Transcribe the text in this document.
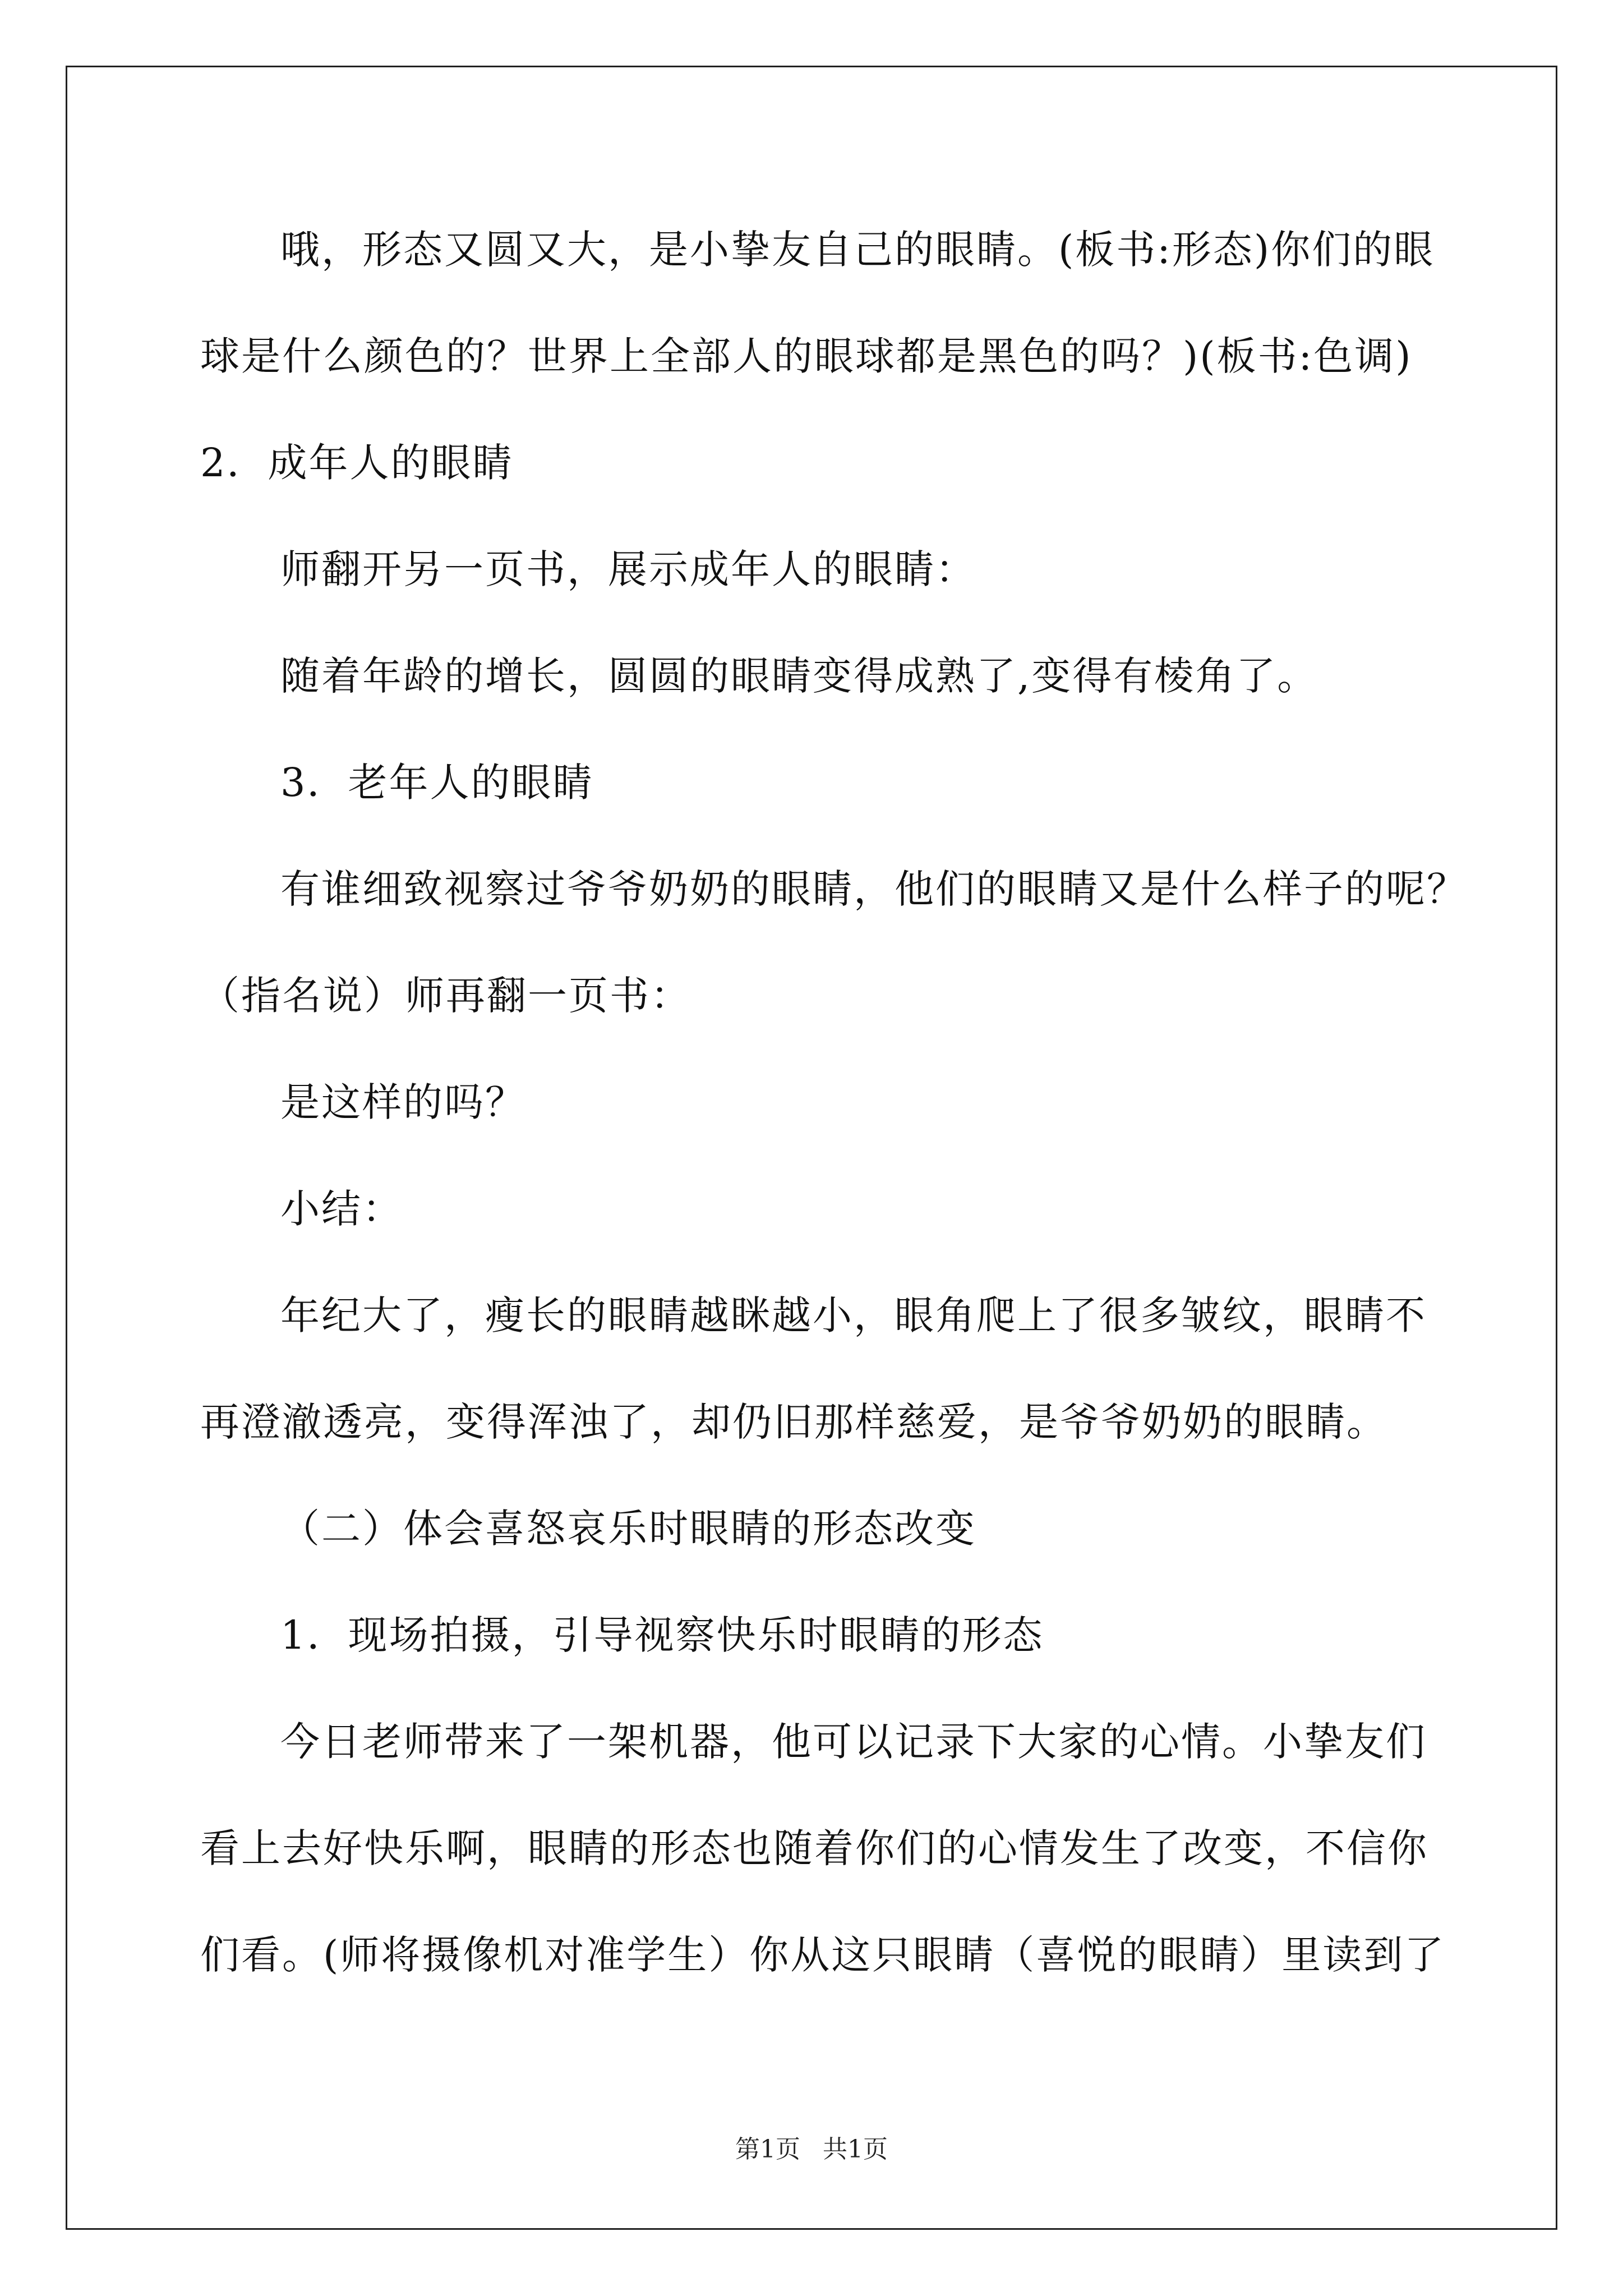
哦，形态又圆又大，是小挚友自己的眼睛。(板书:形态)你们的眼
球是什么颜色的？世界上全部人的眼球都是黑色的吗？)(板书:色调)
2．成年人的眼睛
师翻开另一页书，展示成年人的眼睛：
随着年龄的增长，圆圆的眼睛变得成熟了,变得有棱角了。
3．老年人的眼睛
有谁细致视察过爷爷奶奶的眼睛，他们的眼睛又是什么样子的呢？
（指名说）师再翻一页书：
是这样的吗？
小结：
年纪大了，瘦长的眼睛越眯越小，眼角爬上了很多皱纹，眼睛不
再澄澈透亮，变得浑浊了，却仍旧那样慈爱，是爷爷奶奶的眼睛。
（二）体会喜怒哀乐时眼睛的形态改变
1．现场拍摄，引导视察快乐时眼睛的形态
今日老师带来了一架机器，他可以记录下大家的心情。小挚友们
看上去好快乐啊，眼睛的形态也随着你们的心情发生了改变，不信你
们看。(师将摄像机对准学生）你从这只眼睛（喜悦的眼睛）里读到了
第1页 共1页
